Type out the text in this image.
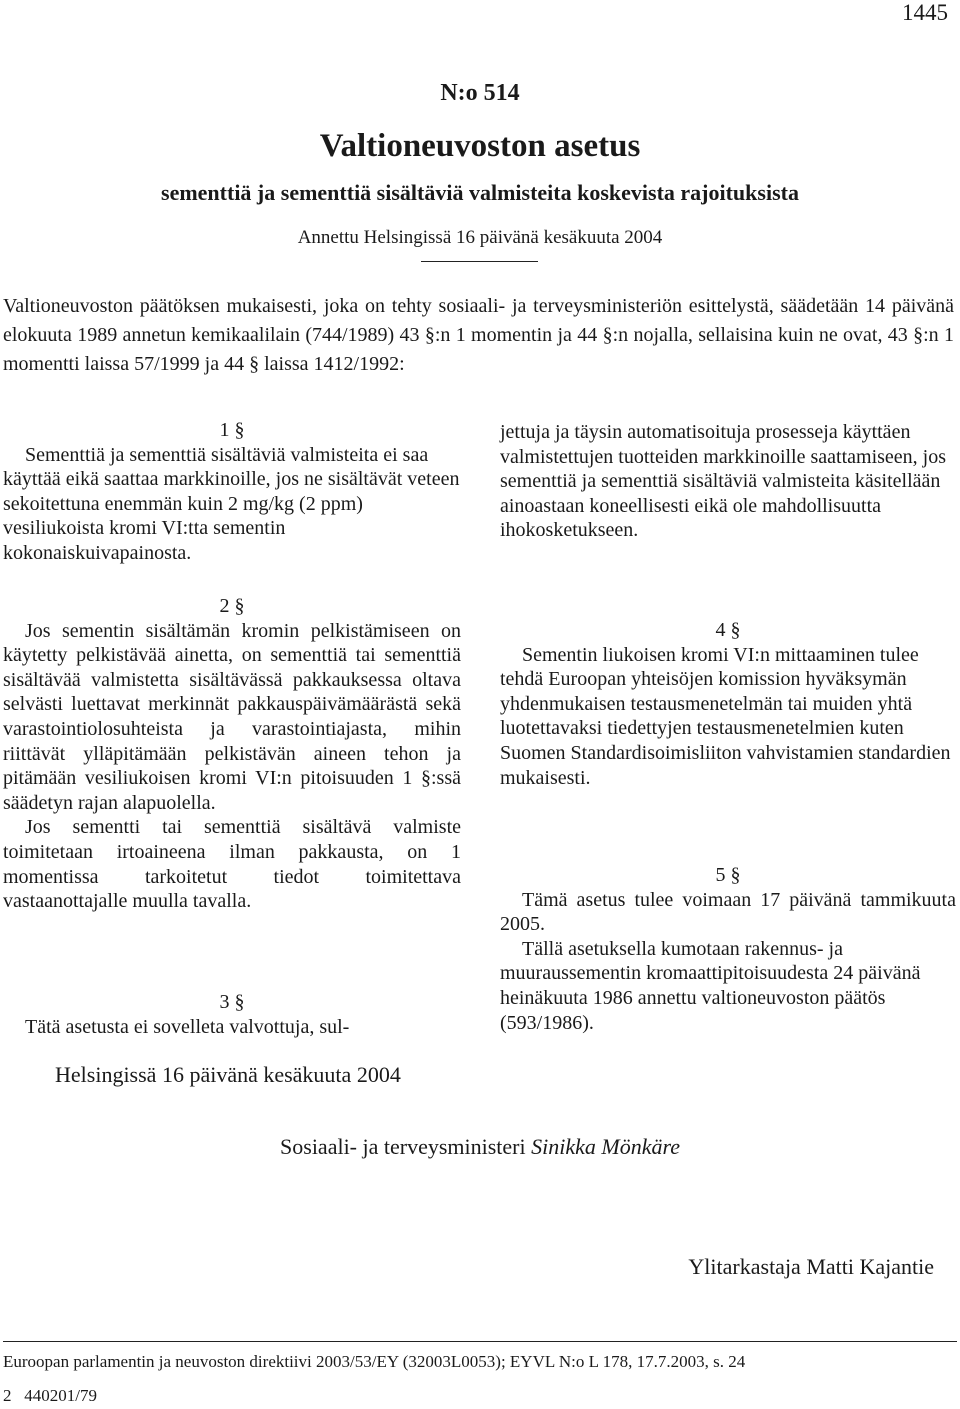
1445
N:o 514
Valtioneuvoston asetus
sementtiä ja sementtiä sisältäviä valmisteita koskevista rajoituksista
Annettu Helsingissä 16 päivänä kesäkuuta 2004

Valtioneuvoston päätöksen mukaisesti, joka on tehty sosiaali- ja terveysministeriön esittelystä, säädetään 14 päivänä elokuuta 1989 annetun kemikaalilain (744/1989) 43 §:n 1 momentin ja 44 §:n nojalla, sellaisina kuin ne ovat, 43 §:n 1 momentti laissa 57/1999 ja 44 § laissa 1412/1992:

1 §

Sementtiä ja sementtiä sisältäviä valmisteita ei saa käyttää eikä saattaa markkinoille, jos ne sisältävät veteen sekoitettuna enemmän kuin 2 mg/kg (2 ppm) vesiliukoista kromi VI:tta sementin kokonaiskuivapainosta.

2 §

Jos sementin sisältämän kromin pelkistämiseen on käytetty pelkistävää ainetta, on sementtiä tai sementtiä sisältävää valmistetta sisältävässä pakkauksessa oltava selvästi luettavat merkinnät pakkauspäivämäärästä sekä varastointiolosuhteista ja varastointiajasta, mihin riittävät ylläpitämään pelkistävän aineen tehon ja pitämään vesiliukoisen kromi VI:n pitoisuuden 1 §:ssä säädetyn rajan alapuolella.

Jos sementti tai sementtiä sisältävä valmiste toimitetaan irtoaineena ilman pakkausta, on 1 momentissa tarkoitetut tiedot toimitettava vastaanottajalle muulla tavalla.

3 §

Tätä asetusta ei sovelleta valvottuja, sul-

jettuja ja täysin automatisoituja prosesseja käyttäen valmistettujen tuotteiden markkinoille saattamiseen, jos sementtiä ja sementtiä sisältäviä valmisteita käsitellään ainoastaan koneellisesti eikä ole mahdollisuutta ihokosketukseen.

4 §

Sementin liukoisen kromi VI:n mittaaminen tulee tehdä Euroopan yhteisöjen komission hyväksymän yhdenmukaisen testausmenetelmän tai muiden yhtä luotettavaksi tiedettyjen testausmenetelmien kuten Suomen Standardisoimisliiton vahvistamien standardien mukaisesti.

5 §

Tämä asetus tulee voimaan 17 päivänä tammikuuta 2005.

Tällä asetuksella kumotaan rakennus- ja muuraussementin kromaattipitoisuudesta 24 päivänä heinäkuuta 1986 annettu valtioneuvoston päätös (593/1986).

Helsingissä 16 päivänä kesäkuuta 2004
Sosiaali- ja terveysministeri Sinikka Mönkäre
Ylitarkastaja Matti Kajantie
Euroopan parlamentin ja neuvoston direktiivi 2003/53/EY (32003L0053); EYVL N:o L 178, 17.7.2003, s. 24
2   440201/79
